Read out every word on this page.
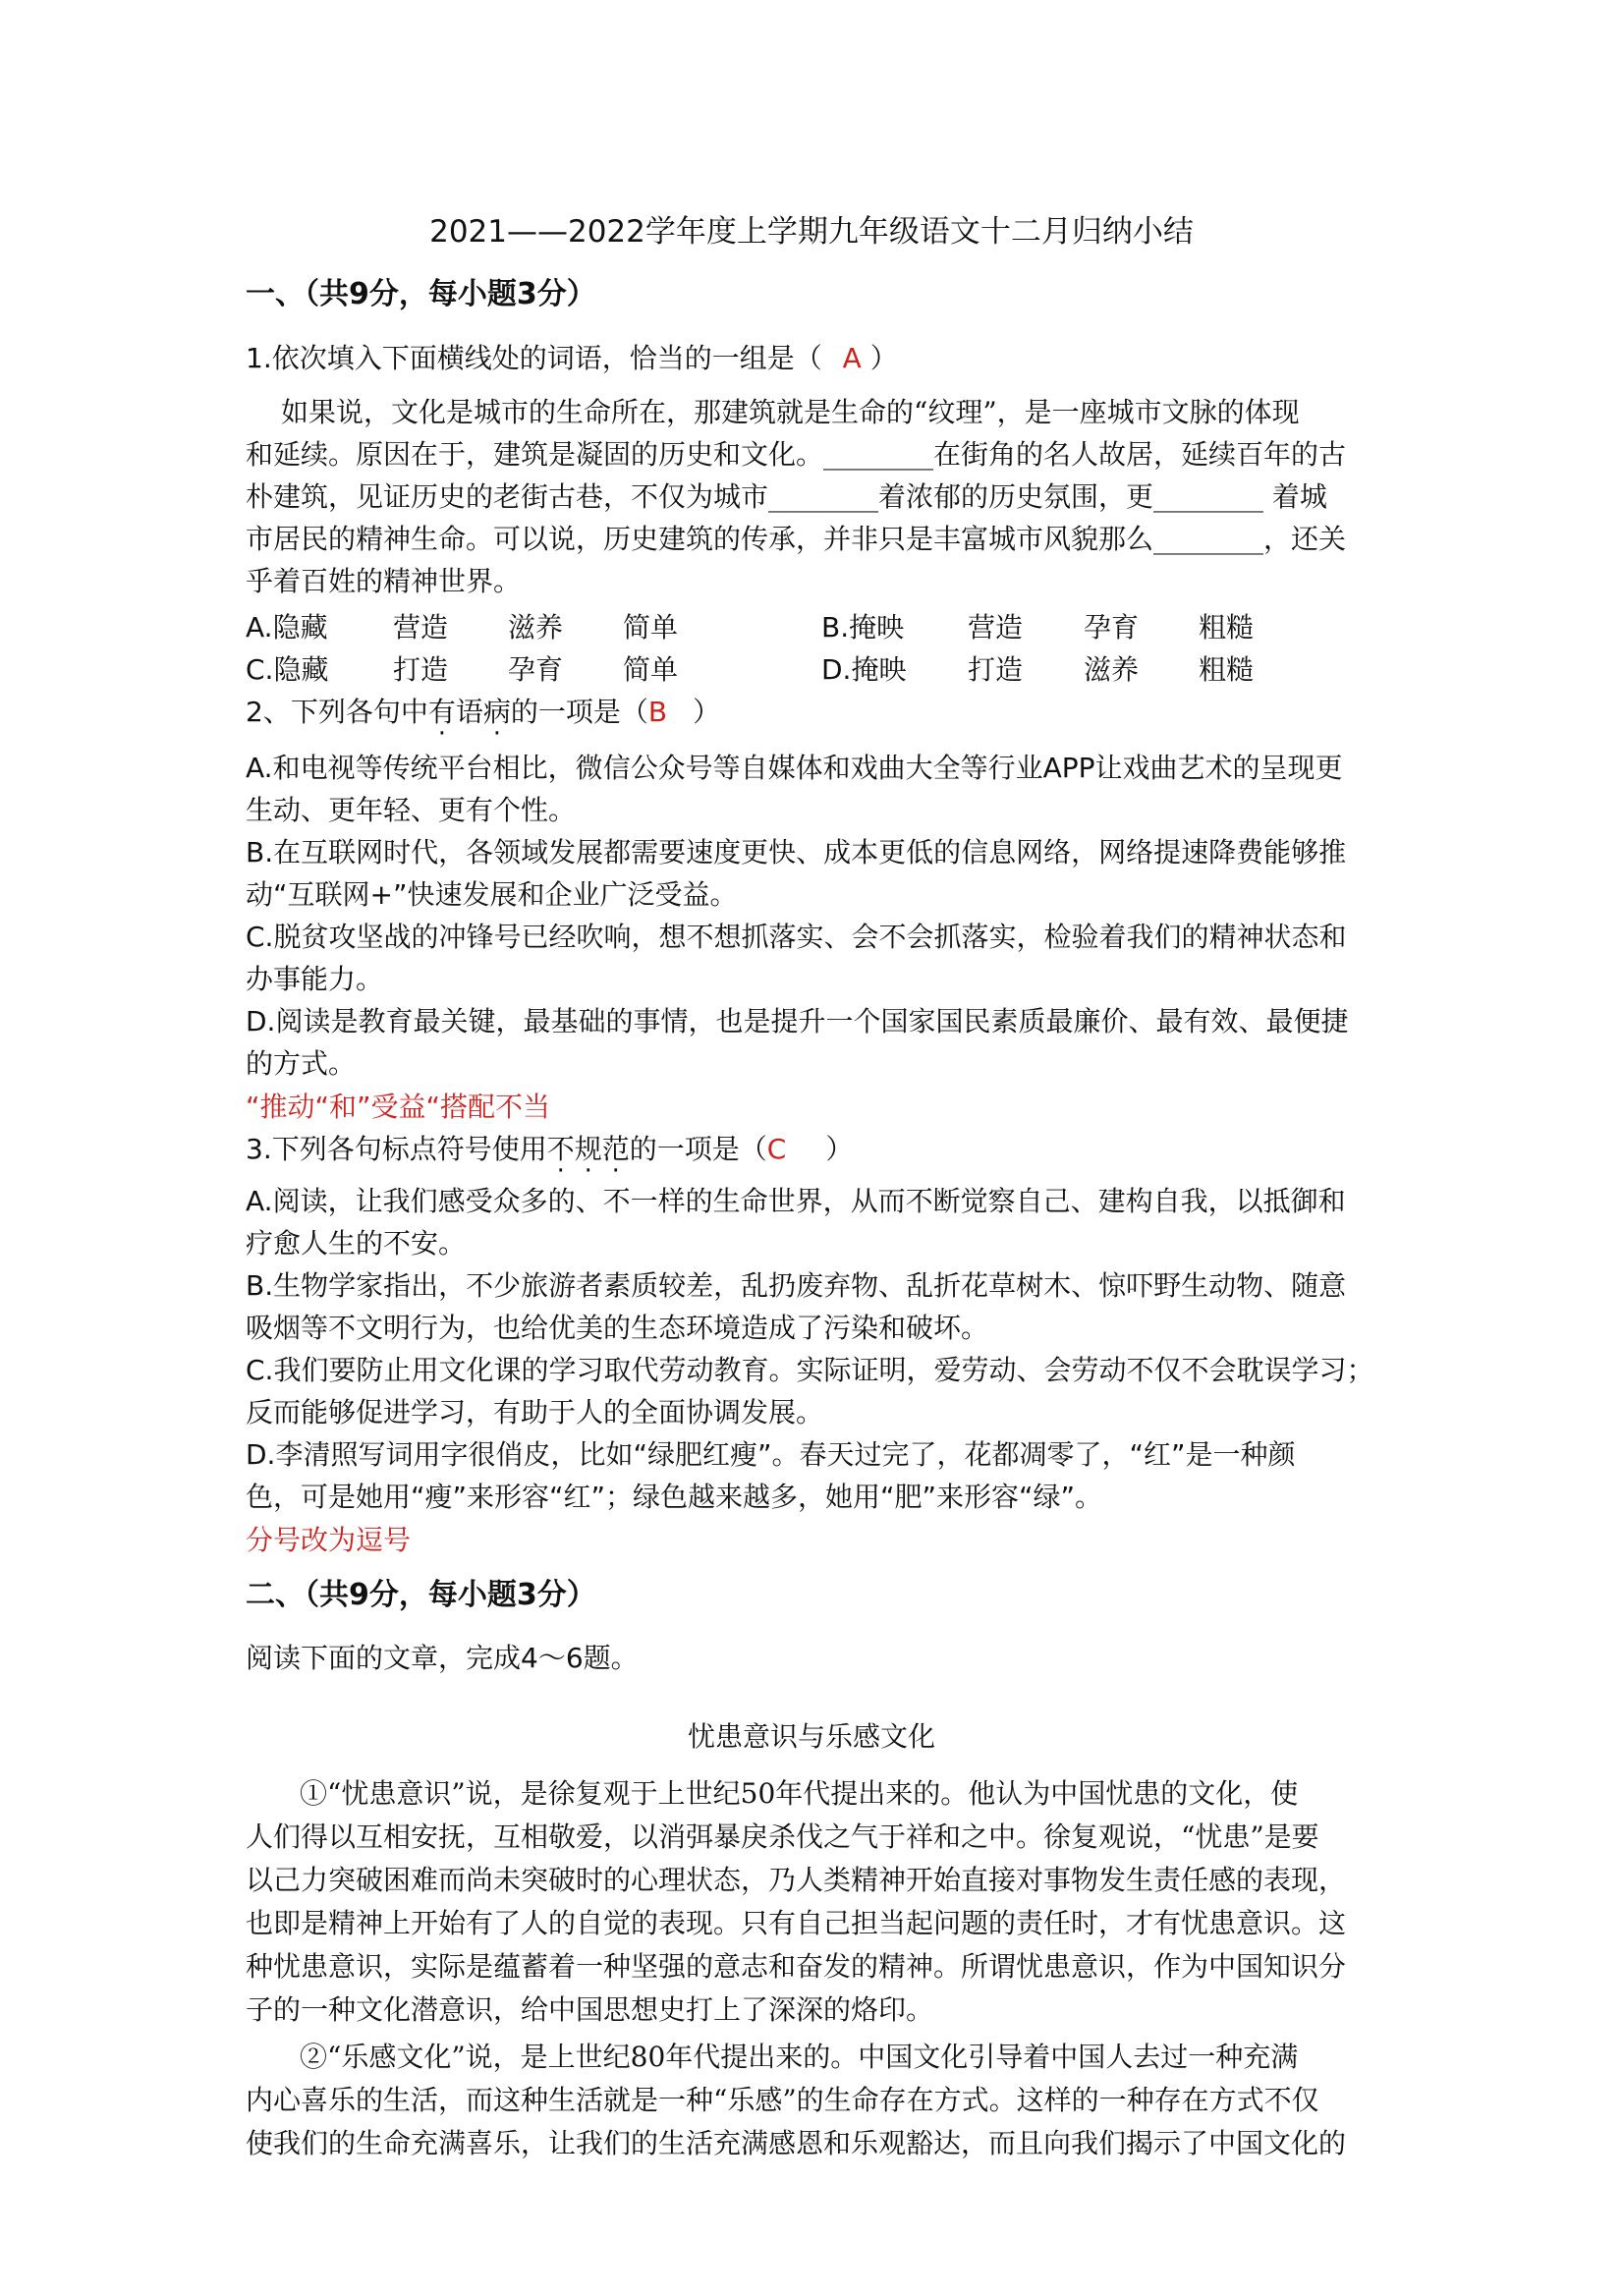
2021——2022学年度上学期九年级语文十二月归纳小结
一、（共9分，每小题3分）
1.依次填入下面横线处的词语，恰当的一组是（ A ）
如果说，文化是城市的生命所在，那建筑就是生命的“纹理”，是一座城市文脉的体现
和延续。原因在于，建筑是凝固的历史和文化。________在街角的名人故居，延续百年的古
朴建筑，见证历史的老街古巷，不仅为城市________着浓郁的历史氛围，更________ 着城
市居民的精神生命。可以说，历史建筑的传承，并非只是丰富城市风貌那么________，还关
乎着百姓的精神世界。
A.隐藏 营造 滋养 简单	B.掩映 营造 孕育 粗糙
C.隐藏 打造 孕育 简单	D.掩映 打造 滋养 粗糙
2、下列各句中有语病的一项是（B ）
A.和电视等传统平台相比，微信公众号等自媒体和戏曲大全等行业APP让戏曲艺术的呈现更
生动、更年轻、更有个性。
B.在互联网时代，各领域发展都需要速度更快、成本更低的信息网络，网络提速降费能够推
动“互联网+”快速发展和企业广泛受益。
C.脱贫攻坚战的冲锋号已经吹响，想不想抓落实、会不会抓落实，检验着我们的精神状态和
办事能力。
D.阅读是教育最关键，最基础的事情，也是提升一个国家国民素质最廉价、最有效、最便捷
的方式。
“推动“和”受益“搭配不当
3.下列各句标点符号使用不规范的一项是（C ）
A.阅读，让我们感受众多的、不一样的生命世界，从而不断觉察自己、建构自我，以抵御和
疗愈人生的不安。
B.生物学家指出，不少旅游者素质较差，乱扔废弃物、乱折花草树木、惊吓野生动物、随意
吸烟等不文明行为，也给优美的生态环境造成了污染和破坏。
C.我们要防止用文化课的学习取代劳动教育。实际证明，爱劳动、会劳动不仅不会耽误学习；
反而能够促进学习，有助于人的全面协调发展。
D.李清照写词用字很俏皮，比如“绿肥红瘦”。春天过完了，花都凋零了，“红”是一种颜
色，可是她用“瘦”来形容“红”；绿色越来越多，她用“肥”来形容“绿”。
分号改为逗号
二、（共9分，每小题3分）
阅读下面的文章，完成4～6题。
忧患意识与乐感文化
①“忧患意识”说，是徐复观于上世纪50年代提出来的。他认为中国忧患的文化，使
人们得以互相安抚，互相敬爱，以消弭暴戾杀伐之气于祥和之中。徐复观说，“忧患”是要
以己力突破困难而尚未突破时的心理状态，乃人类精神开始直接对事物发生责任感的表现，
也即是精神上开始有了人的自觉的表现。只有自己担当起问题的责任时，才有忧患意识。这
种忧患意识，实际是蕴蓄着一种坚强的意志和奋发的精神。所谓忧患意识，作为中国知识分
子的一种文化潜意识，给中国思想史打上了深深的烙印。
②“乐感文化”说，是上世纪80年代提出来的。中国文化引导着中国人去过一种充满
内心喜乐的生活，而这种生活就是一种“乐感”的生命存在方式。这样的一种存在方式不仅
使我们的生命充满喜乐，让我们的生活充满感恩和乐观豁达，而且向我们揭示了中国文化的
